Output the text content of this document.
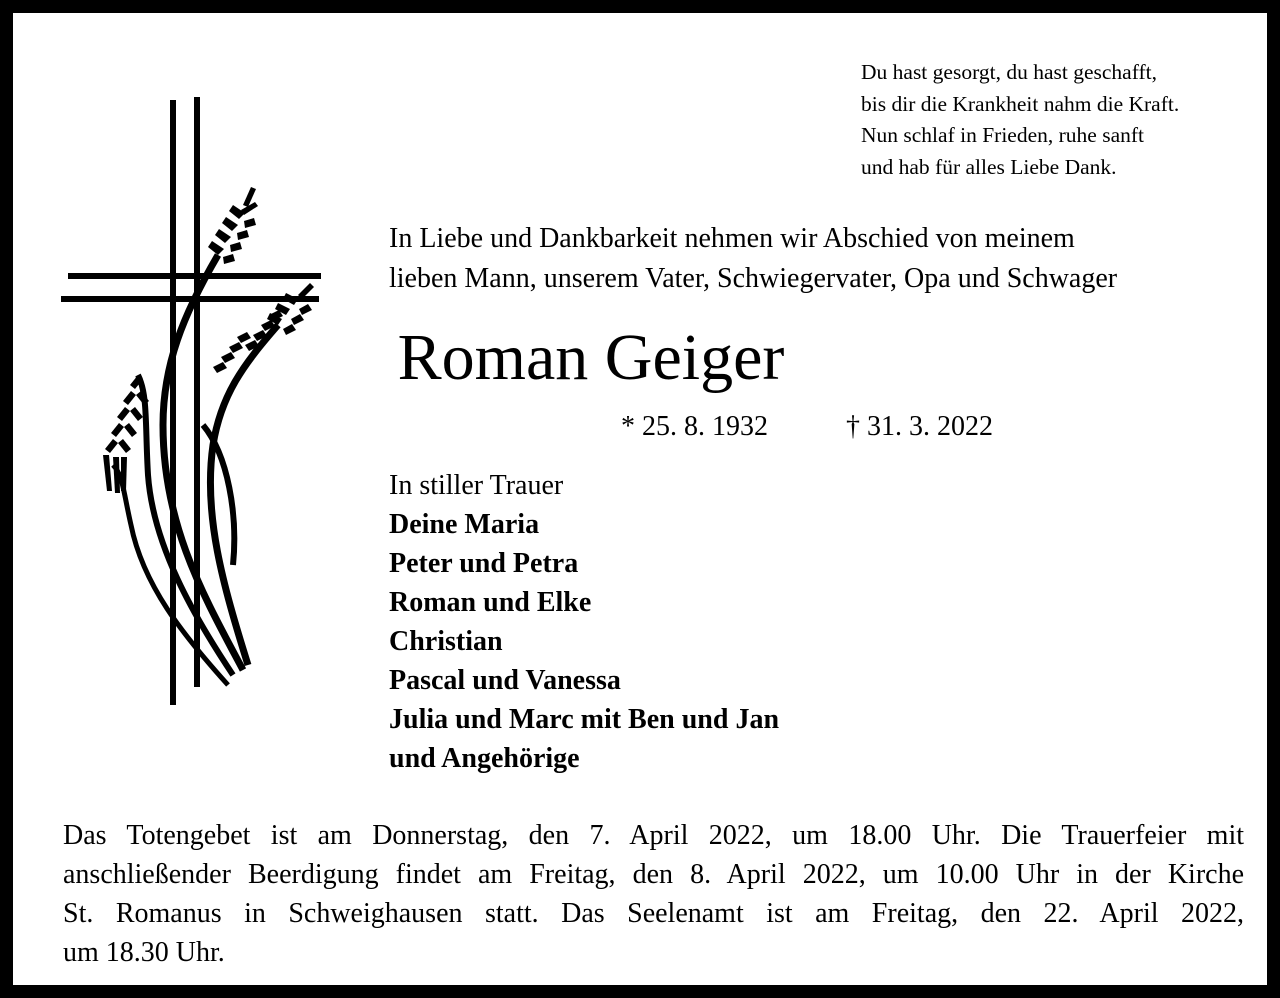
Du hast gesorgt, du hast geschafft,
bis dir die Krankheit nahm die Kraft.
Nun schlaf in Frieden, ruhe sanft
und hab für alles Liebe Dank.
In Liebe und Dankbarkeit nehmen wir Abschied von meinem
lieben Mann, unserem Vater, Schwiegervater, Opa und Schwager
Roman Geiger
* 25. 8. 1932	† 31. 3. 2022
In stiller Trauer
Deine Maria
Peter und Petra
Roman und Elke
Christian
Pascal und Vanessa
Julia und Marc mit Ben und Jan
und Angehörige
Das Totengebet ist am Donnerstag, den 7. April 2022, um 18.00 Uhr. Die Trauerfeier mit
anschließender Beerdigung findet am Freitag, den 8. April 2022, um 10.00 Uhr in der Kirche
St. Romanus in Schweighausen statt. Das Seelenamt ist am Freitag, den 22. April 2022,
um 18.30 Uhr.
